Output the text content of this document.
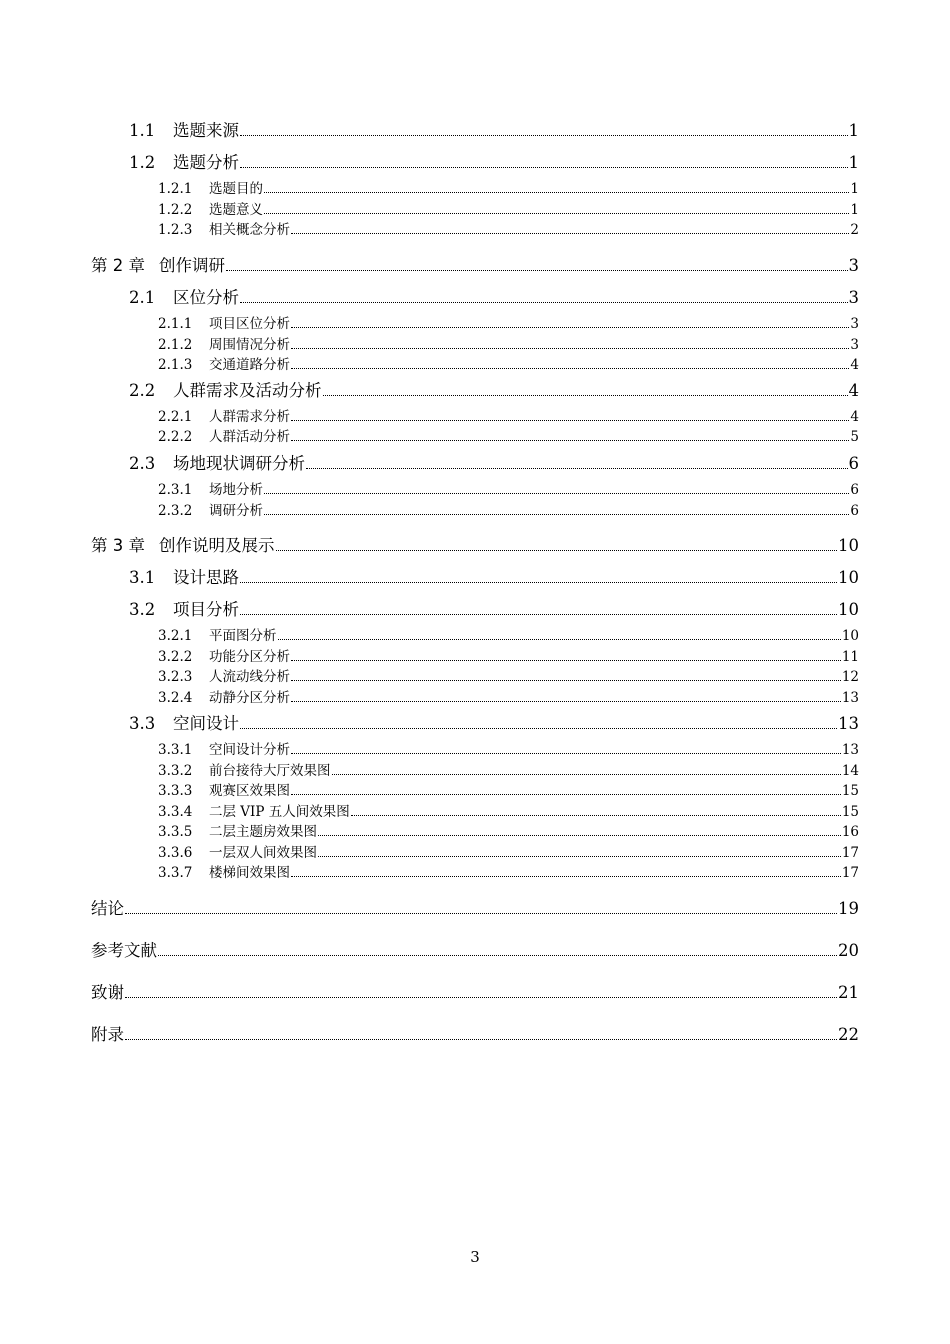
1.1	选题来源	1
1.2	选题分析	1
1.2.1	选题目的	1
1.2.2	选题意义	1
1.2.3	相关概念分析	2
第 2 章 创作调研	3
2.1	区位分析	3
2.1.1	项目区位分析	3
2.1.2	周围情况分析	3
2.1.3	交通道路分析	4
2.2	人群需求及活动分析	4
2.2.1	人群需求分析	4
2.2.2	人群活动分析	5
2.3	场地现状调研分析	6
2.3.1	场地分析	6
2.3.2	调研分析	6
第 3 章 创作说明及展示	10
3.1	设计思路	10
3.2	项目分析	10
3.2.1	平面图分析	10
3.2.2	功能分区分析	11
3.2.3	人流动线分析	12
3.2.4	动静分区分析	13
3.3	空间设计	13
3.3.1	空间设计分析	13
3.3.2	前台接待大厅效果图	14
3.3.3	观赛区效果图	15
3.3.4	二层 VIP 五人间效果图	15
3.3.5	二层主题房效果图	16
3.3.6	一层双人间效果图	17
3.3.7	楼梯间效果图	17
结论	19
参考文献	20
致谢	21
附录	22
3
